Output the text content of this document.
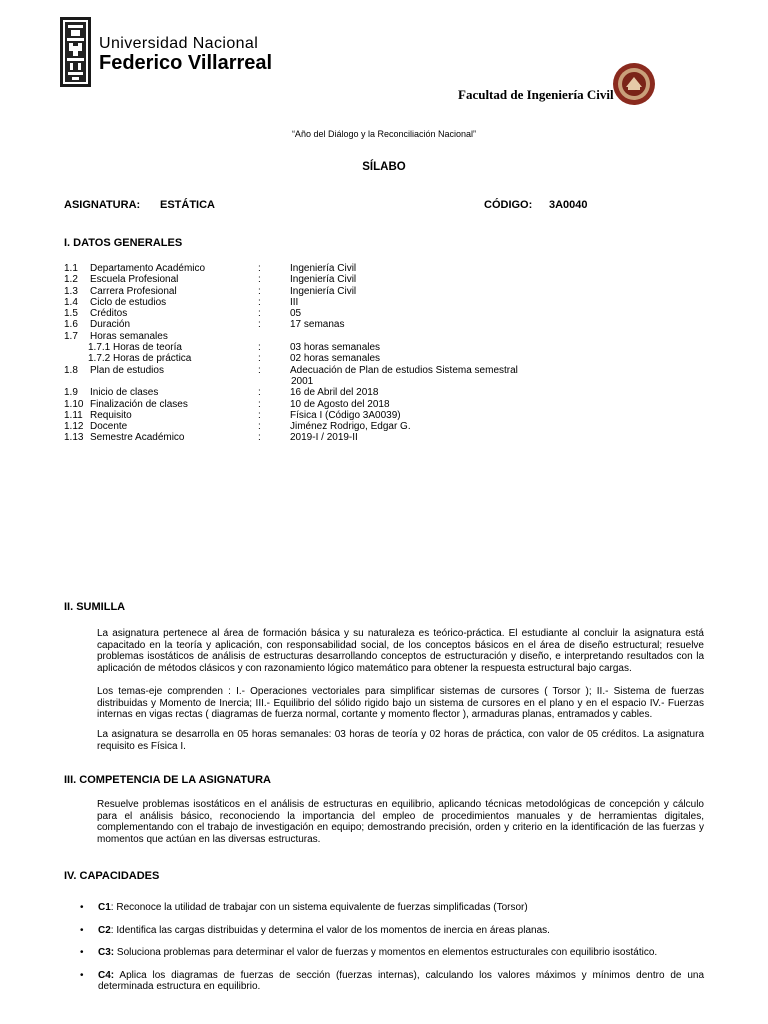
Universidad Nacional
Federico Villarreal
Facultad de Ingeniería Civil
“Año del Diálogo y la Reconciliación Nacional”
SÍLABO
ASIGNATURA: ESTÁTICA	CÓDIGO: 3A0040
I. DATOS GENERALES
1.1	Departamento Académico	:	Ingeniería Civil
1.2	Escuela Profesional	:	Ingeniería Civil
1.3	Carrera Profesional	:	Ingeniería Civil
1.4	Ciclo de estudios	:	III
1.5	Créditos	:	05
1.6	Duración	:	17 semanas
1.7	Horas semanales
1.7.1 Horas de teoría	:	03 horas semanales
1.7.2 Horas de práctica	:	02 horas semanales
1.8	Plan de estudios	:	Adecuación de Plan de estudios Sistema semestral
2001
1.9	Inicio de clases	:	16 de Abril del 2018
1.10 Finalización de clases	:	10 de Agosto del 2018
1.11 Requisito	:	Física I (Código 3A0039)
1.12 Docente	:	Jiménez Rodrigo, Edgar G.
1.13 Semestre Académico	:	2019-I / 2019-II
II. SUMILLA
La asignatura pertenece al área de formación básica y su naturaleza es teórico-práctica. El estudiante al concluir la asignatura está capacitado en la teoría y aplicación, con responsabilidad social, de los conceptos básicos en el área de diseño estructural; resuelve problemas isostáticos de análisis de estructuras desarrollando conceptos de estructuración y diseño, e interpretando resultados con la aplicación de métodos clásicos y con razonamiento lógico matemático para obtener la respuesta estructural bajo cargas.
Los temas-eje comprenden : I.- Operaciones vectoriales para simplificar sistemas de cursores ( Torsor ); II.- Sistema de fuerzas distribuidas y Momento de Inercia; III.- Equilibrio del sólido rigido bajo un sistema de cursores en el plano y en el espacio IV.- Fuerzas internas en vigas rectas ( diagramas de fuerza normal, cortante y momento flector ), armaduras planas, entramados y cables.
La asignatura se desarrolla en 05 horas semanales: 03 horas de teoría y 02 horas de práctica, con valor de 05 créditos. La asignatura requisito es Física I.
III. COMPETENCIA DE LA ASIGNATURA
Resuelve problemas isostáticos en el análisis de estructuras en equilibrio, aplicando técnicas metodológicas de concepción y cálculo para el análisis básico, reconociendo la importancia del empleo de procedimientos manuales y de herramientas digitales, complementando con el trabajo de investigación en equipo; demostrando precisión, orden y criterio en la identificación de las fuerzas y momentos que actúan en las diversas estructuras.
IV. CAPACIDADES
• C1: Reconoce la utilidad de trabajar con un sistema equivalente de fuerzas simplificadas (Torsor)
• C2: Identifica las cargas distribuidas y determina el valor de los momentos de inercia en áreas planas.
• C3: Soluciona problemas para determinar el valor de fuerzas y momentos en elementos estructurales con equilibrio isostático.
• C4: Aplica los diagramas de fuerzas de sección (fuerzas internas), calculando los valores máximos y mínimos dentro de una determinada estructura en equilibrio.
